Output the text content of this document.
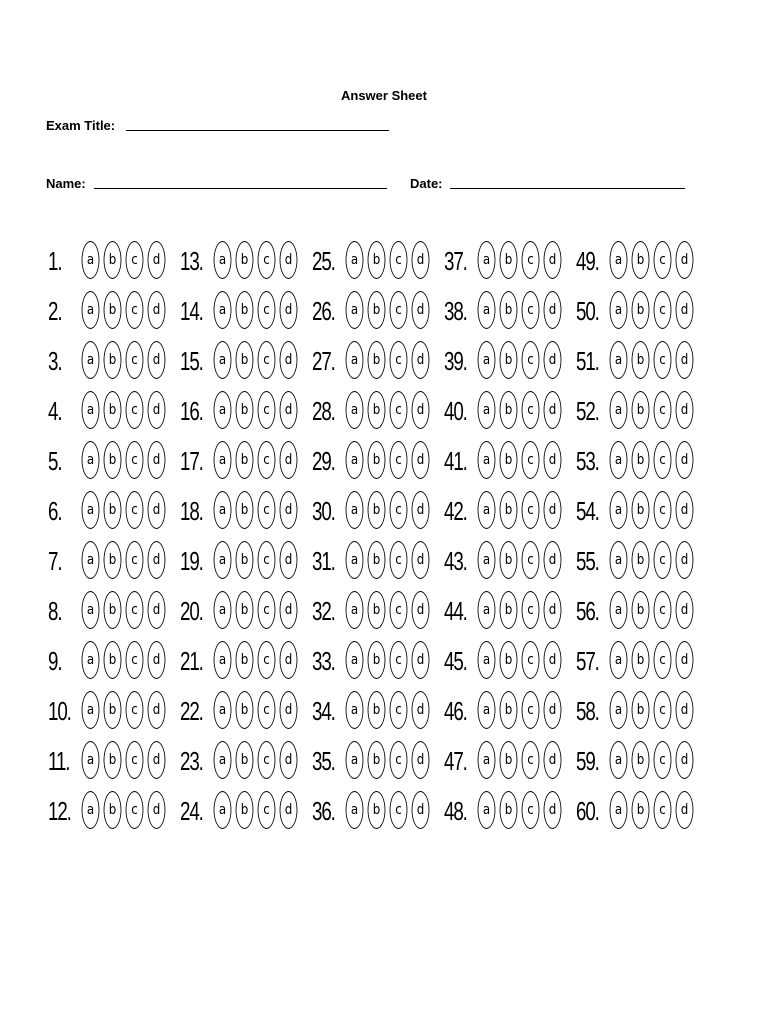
Answer Sheet
Exam Title:
Name:	Date:
1.	a	b	c	d
2.	a	b	c	d
3.	a	b	c	d
4.	a	b	c	d
5.	a	b	c	d
6.	a	b	c	d
7.	a	b	c	d
8.	a	b	c	d
9.	a	b	c	d
10.	a	b	c	d
11.	a	b	c	d
12.	a	b	c	d
13.	a	b	c	d
14.	a	b	c	d
15.	a	b	c	d
16.	a	b	c	d
17.	a	b	c	d
18.	a	b	c	d
19.	a	b	c	d
20.	a	b	c	d
21.	a	b	c	d
22.	a	b	c	d
23.	a	b	c	d
24.	a	b	c	d
25.	a	b	c	d
26.	a	b	c	d
27.	a	b	c	d
28.	a	b	c	d
29.	a	b	c	d
30.	a	b	c	d
31.	a	b	c	d
32.	a	b	c	d
33.	a	b	c	d
34.	a	b	c	d
35.	a	b	c	d
36.	a	b	c	d
37.	a	b	c	d
38.	a	b	c	d
39.	a	b	c	d
40.	a	b	c	d
41.	a	b	c	d
42.	a	b	c	d
43.	a	b	c	d
44.	a	b	c	d
45.	a	b	c	d
46.	a	b	c	d
47.	a	b	c	d
48.	a	b	c	d
49.	a	b	c	d
50.	a	b	c	d
51.	a	b	c	d
52.	a	b	c	d
53.	a	b	c	d
54.	a	b	c	d
55.	a	b	c	d
56.	a	b	c	d
57.	a	b	c	d
58.	a	b	c	d
59.	a	b	c	d
60.	a	b	c	d
